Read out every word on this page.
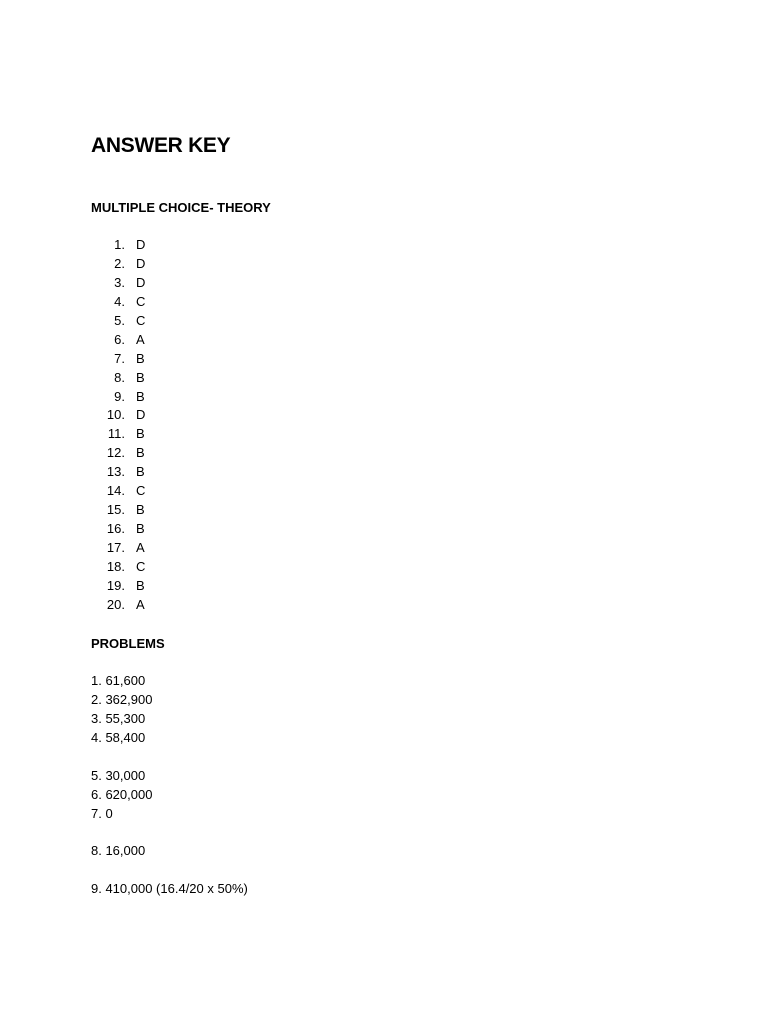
ANSWER KEY
MULTIPLE CHOICE- THEORY
1. D
2. D
3. D
4. C
5. C
6. A
7. B
8. B
9. B
10. D
11. B
12. B
13. B
14. C
15. B
16. B
17. A
18. C
19. B
20. A
PROBLEMS
1. 61,600
2. 362,900
3. 55,300
4. 58,400
5. 30,000
6. 620,000
7. 0
8. 16,000
9. 410,000 (16.4/20 x 50%)
